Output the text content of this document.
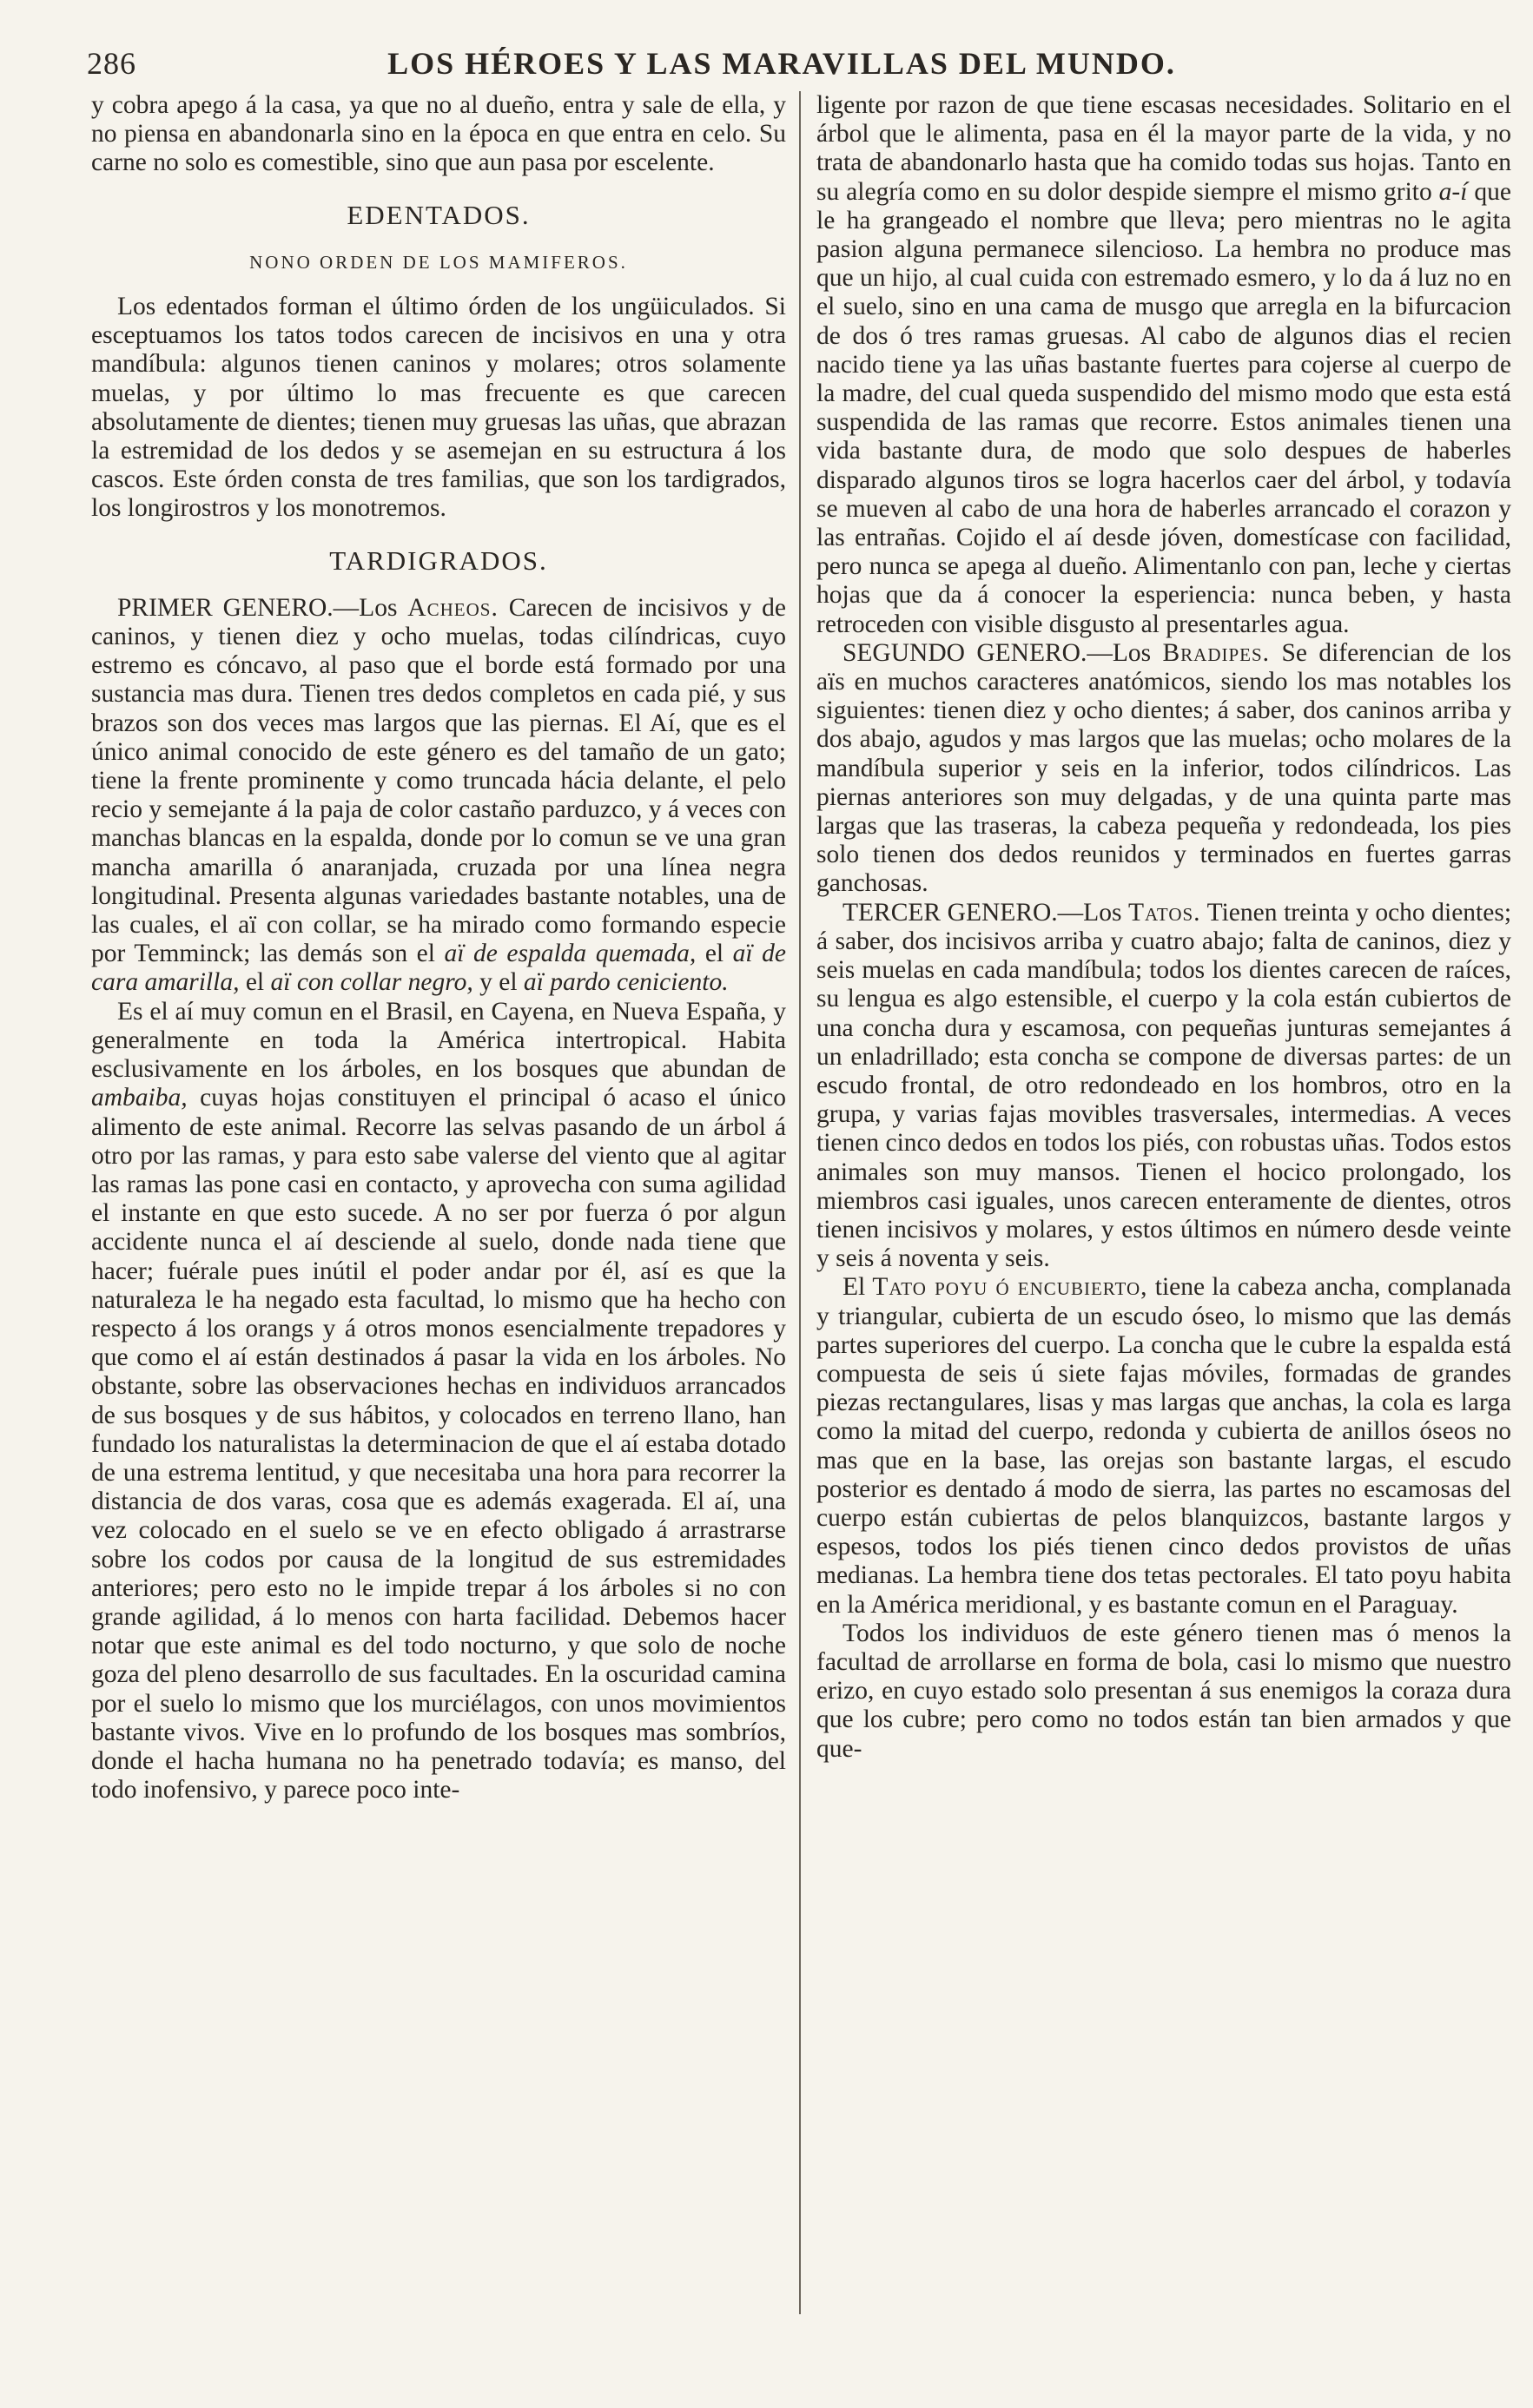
286	LOS HÉROES Y LAS MARAVILLAS DEL MUNDO.

y cobra apego á la casa, ya que no al dueño, entra y sale de ella, y no piensa en abandonarla sino en la época en que entra en celo. Su carne no solo es comestible, sino que aun pasa por escelente.

EDENTADOS.
NONO ORDEN DE LOS MAMIFEROS.

Los edentados forman el último órden de los ungüiculados. Si esceptuamos los tatos todos carecen de incisivos en una y otra mandíbula: algunos tienen caninos y molares; otros solamente muelas, y por último lo mas frecuente es que carecen absolutamente de dientes; tienen muy gruesas las uñas, que abrazan la estremidad de los dedos y se asemejan en su estructura á los cascos. Este órden consta de tres familias, que son los tardigrados, los longirostros y los monotremos.

TARDIGRADOS.

PRIMER GENERO.—Los Acheos. Carecen de incisivos y de caninos, y tienen diez y ocho muelas, todas cilíndricas, cuyo estremo es cóncavo, al paso que el borde está formado por una sustancia mas dura. Tienen tres dedos completos en cada pié, y sus brazos son dos veces mas largos que las piernas. El Aí, que es el único animal conocido de este género es del tamaño de un gato; tiene la frente prominente y como truncada hácia delante, el pelo recio y semejante á la paja de color castaño parduzco, y á veces con manchas blancas en la espalda, donde por lo comun se ve una gran mancha amarilla ó anaranjada, cruzada por una línea negra longitudinal. Presenta algunas variedades bastante notables, una de las cuales, el aï con collar, se ha mirado como formando especie por Temminck; las demás son el aï de espalda quemada, el aï de cara amarilla, el aï con collar negro, y el aï pardo ceniciento.

Es el aí muy comun en el Brasil, en Cayena, en Nueva España, y generalmente en toda la América intertropical. Habita esclusivamente en los árboles, en los bosques que abundan de ambaiba, cuyas hojas constituyen el principal ó acaso el único alimento de este animal. Recorre las selvas pasando de un árbol á otro por las ramas, y para esto sabe valerse del viento que al agitar las ramas las pone casi en contacto, y aprovecha con suma agilidad el instante en que esto sucede. A no ser por fuerza ó por algun accidente nunca el aí desciende al suelo, donde nada tiene que hacer; fuérale pues inútil el poder andar por él, así es que la naturaleza le ha negado esta facultad, lo mismo que ha hecho con respecto á los orangs y á otros monos esencialmente trepadores y que como el aí están destinados á pasar la vida en los árboles. No obstante, sobre las observaciones hechas en individuos arrancados de sus bosques y de sus hábitos, y colocados en terreno llano, han fundado los naturalistas la determinacion de que el aí estaba dotado de una estrema lentitud, y que necesitaba una hora para recorrer la distancia de dos varas, cosa que es además exagerada. El aí, una vez colocado en el suelo se ve en efecto obligado á arrastrarse sobre los codos por causa de la longitud de sus estremidades anteriores; pero esto no le impide trepar á los árboles si no con grande agilidad, á lo menos con harta facilidad. Debemos hacer notar que este animal es del todo nocturno, y que solo de noche goza del pleno desarrollo de sus facultades. En la oscuridad camina por el suelo lo mismo que los murciélagos, con unos movimientos bastante vivos. Vive en lo profundo de los bosques mas sombríos, donde el hacha humana no ha penetrado todavía; es manso, del todo inofensivo, y parece poco inte-

ligente por razon de que tiene escasas necesidades. Solitario en el árbol que le alimenta, pasa en él la mayor parte de la vida, y no trata de abandonarlo hasta que ha comido todas sus hojas. Tanto en su alegría como en su dolor despide siempre el mismo grito a-í que le ha grangeado el nombre que lleva; pero mientras no le agita pasion alguna permanece silencioso. La hembra no produce mas que un hijo, al cual cuida con estremado esmero, y lo da á luz no en el suelo, sino en una cama de musgo que arregla en la bifurcacion de dos ó tres ramas gruesas. Al cabo de algunos dias el recien nacido tiene ya las uñas bastante fuertes para cojerse al cuerpo de la madre, del cual queda suspendido del mismo modo que esta está suspendida de las ramas que recorre. Estos animales tienen una vida bastante dura, de modo que solo despues de haberles disparado algunos tiros se logra hacerlos caer del árbol, y todavía se mueven al cabo de una hora de haberles arrancado el corazon y las entrañas. Cojido el aí desde jóven, domestícase con facilidad, pero nunca se apega al dueño. Alimentanlo con pan, leche y ciertas hojas que da á conocer la esperiencia: nunca beben, y hasta retroceden con visible disgusto al presentarles agua.

SEGUNDO GENERO.—Los Bradipes. Se diferencian de los aïs en muchos caracteres anatómicos, siendo los mas notables los siguientes: tienen diez y ocho dientes; á saber, dos caninos arriba y dos abajo, agudos y mas largos que las muelas; ocho molares de la mandíbula superior y seis en la inferior, todos cilíndricos. Las piernas anteriores son muy delgadas, y de una quinta parte mas largas que las traseras, la cabeza pequeña y redondeada, los pies solo tienen dos dedos reunidos y terminados en fuertes garras ganchosas.

TERCER GENERO.—Los Tatos. Tienen treinta y ocho dientes; á saber, dos incisivos arriba y cuatro abajo; falta de caninos, diez y seis muelas en cada mandíbula; todos los dientes carecen de raíces, su lengua es algo estensible, el cuerpo y la cola están cubiertos de una concha dura y escamosa, con pequeñas junturas semejantes á un enladrillado; esta concha se compone de diversas partes: de un escudo frontal, de otro redondeado en los hombros, otro en la grupa, y varias fajas movibles trasversales, intermedias. A veces tienen cinco dedos en todos los piés, con robustas uñas. Todos estos animales son muy mansos. Tienen el hocico prolongado, los miembros casi iguales, unos carecen enteramente de dientes, otros tienen incisivos y molares, y estos últimos en número desde veinte y seis á noventa y seis.

El Tato poyu ó encubierto, tiene la cabeza ancha, complanada y triangular, cubierta de un escudo óseo, lo mismo que las demás partes superiores del cuerpo. La concha que le cubre la espalda está compuesta de seis ú siete fajas móviles, formadas de grandes piezas rectangulares, lisas y mas largas que anchas, la cola es larga como la mitad del cuerpo, redonda y cubierta de anillos óseos no mas que en la base, las orejas son bastante largas, el escudo posterior es dentado á modo de sierra, las partes no escamosas del cuerpo están cubiertas de pelos blanquizcos, bastante largos y espesos, todos los piés tienen cinco dedos provistos de uñas medianas. La hembra tiene dos tetas pectorales. El tato poyu habita en la América meridional, y es bastante comun en el Paraguay.

Todos los individuos de este género tienen mas ó menos la facultad de arrollarse en forma de bola, casi lo mismo que nuestro erizo, en cuyo estado solo presentan á sus enemigos la coraza dura que los cubre; pero como no todos están tan bien armados y que que-
